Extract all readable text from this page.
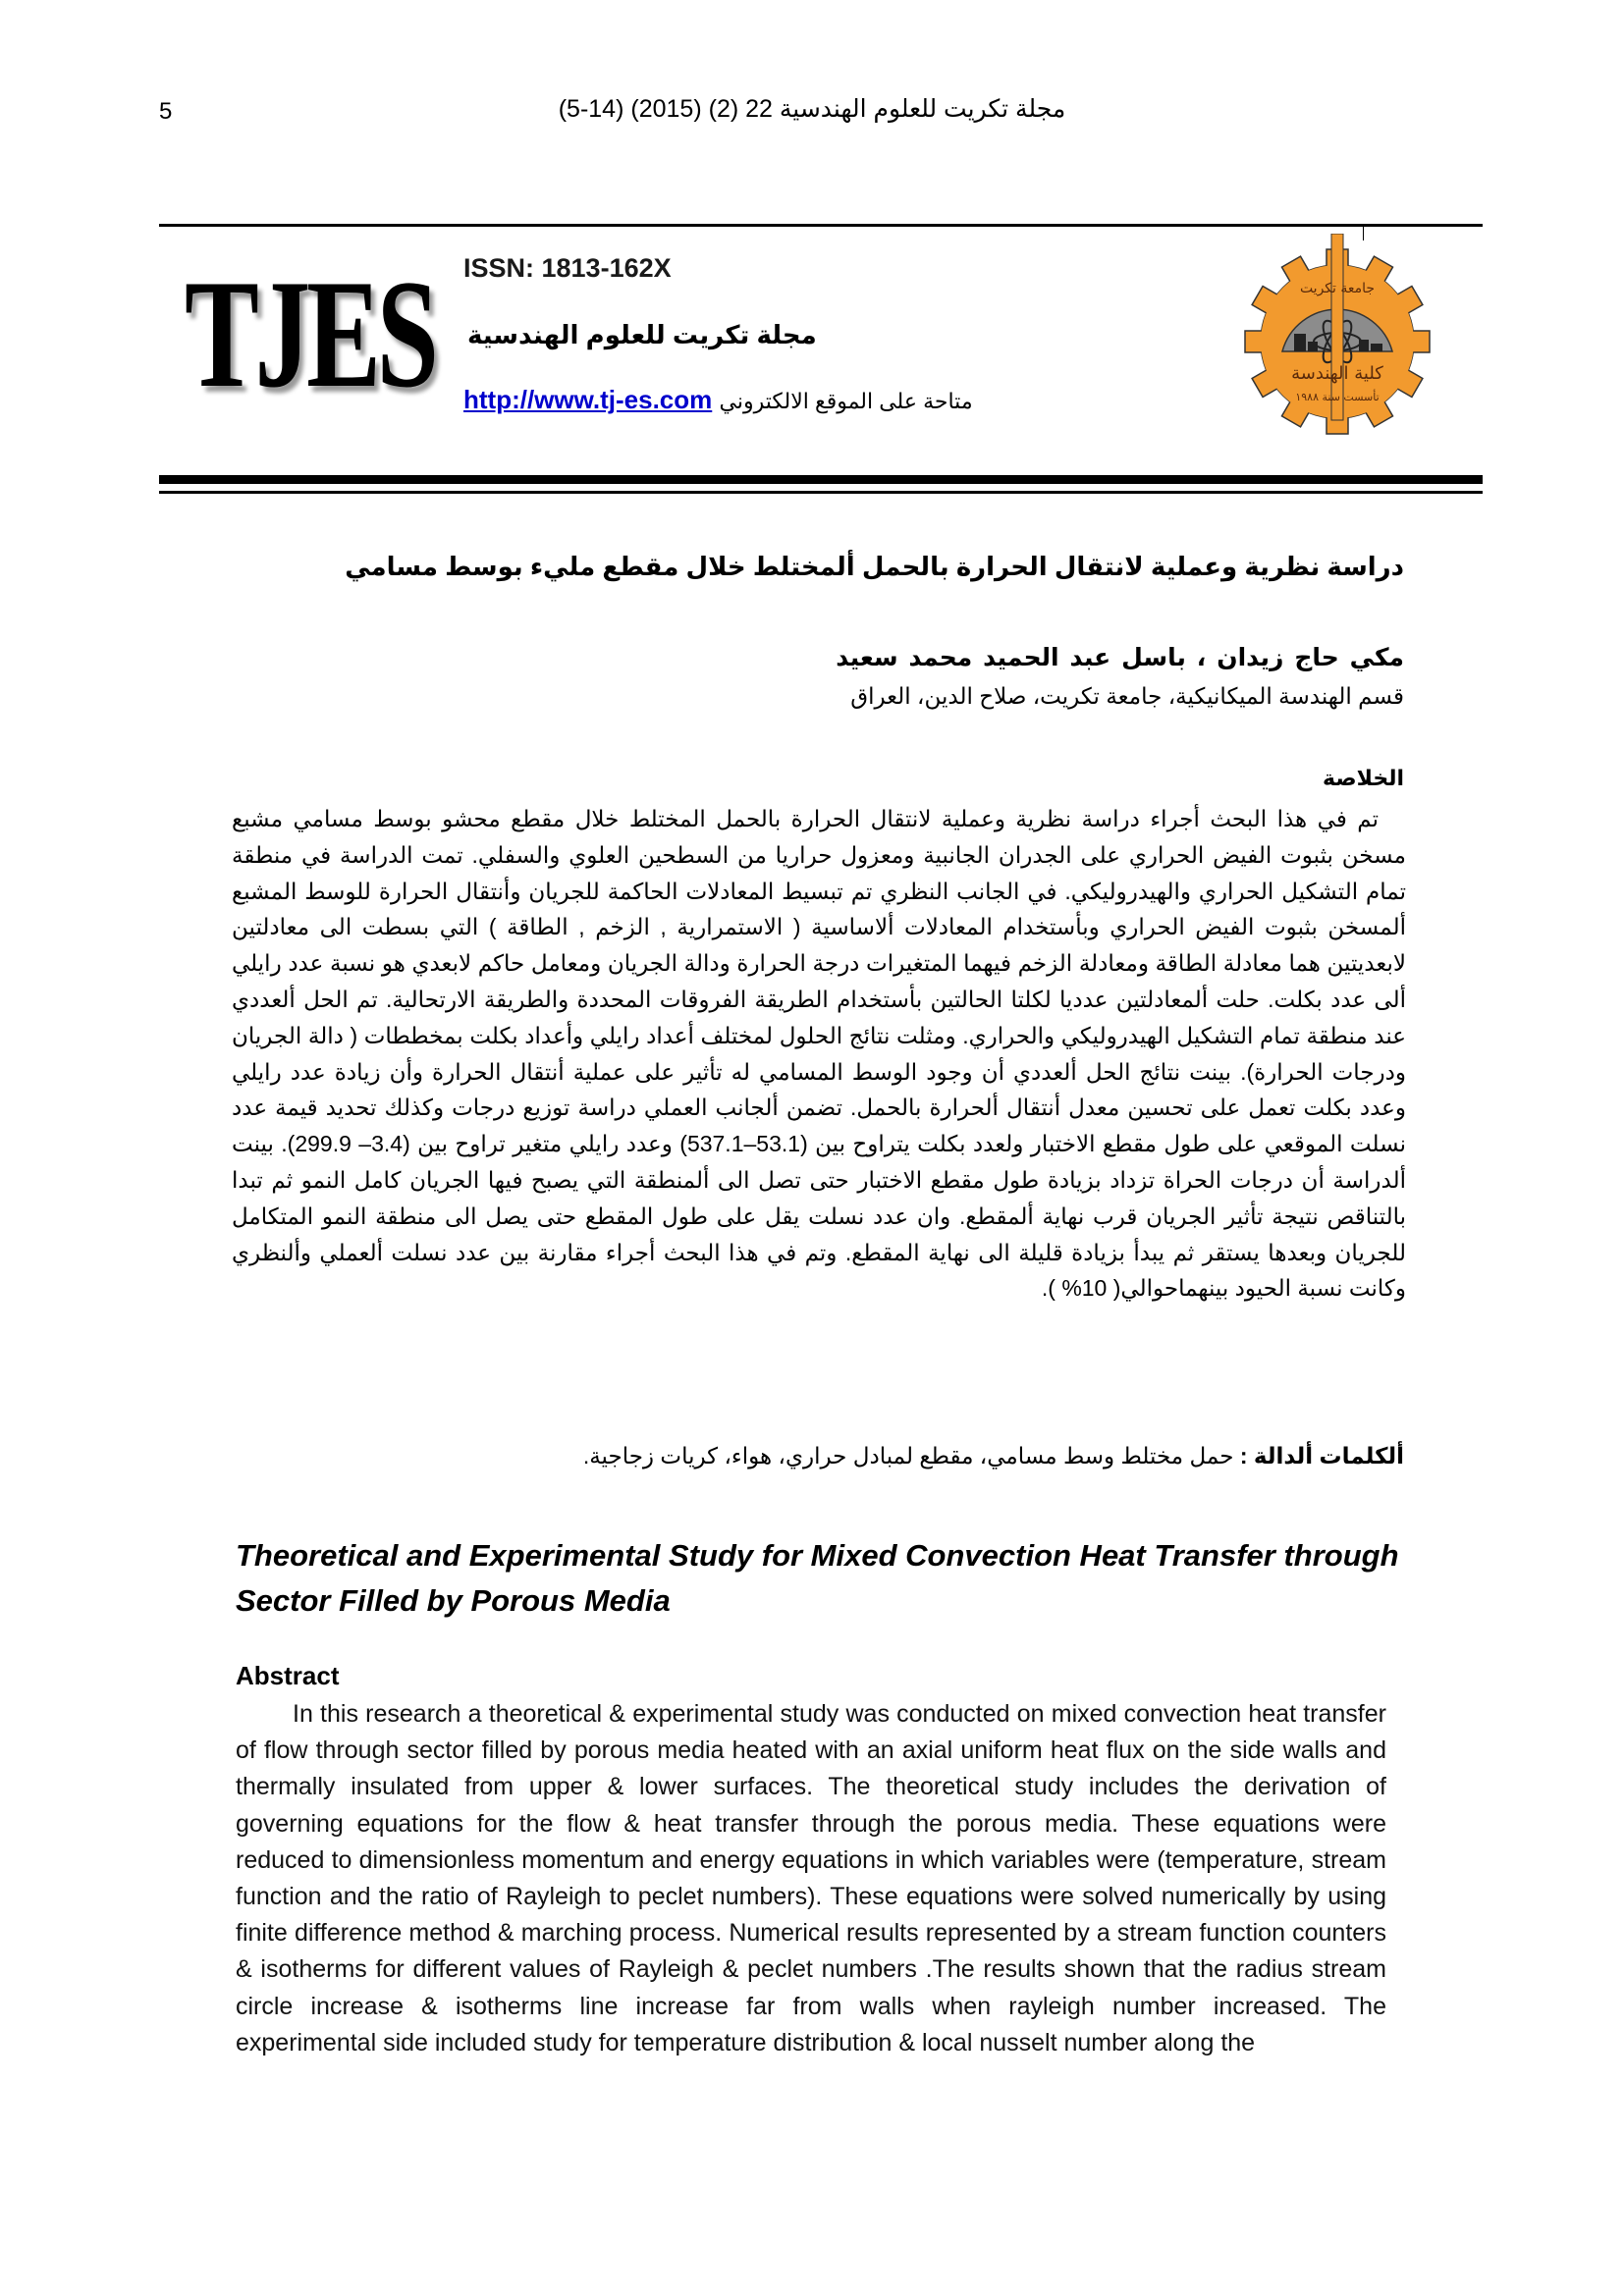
5	مجلة تكريت للعلوم الهندسية 22 (2) (2015) (14-5)
TJES ISSN: 1813-162X
مجلة تكريت للعلوم الهندسية
http://www.tj-es.com متاحة على الموقع الالكتروني
كلية الهندسة
تأسست سنة ١٩٨٨
جامعة تكريت
دراسة نظرية وعملية لانتقال الحرارة بالحمل ألمختلط خلال مقطع مليء بوسط مسامي
مكي حاج زيدان ، باسل عبد الحميد محمد سعيد
قسم الهندسة الميكانيكية، جامعة تكريت، صلاح الدين، العراق
الخلاصة
تم في هذا البحث أجراء دراسة نظرية وعملية لانتقال الحرارة بالحمل المختلط خلال مقطع محشو بوسط مسامي مشبع مسخن بثبوت الفيض الحراري على الجدران الجانبية ومعزول حراريا من السطحين العلوي والسفلي. تمت الدراسة في منطقة تمام التشكيل الحراري والهيدروليكي. في الجانب النظري تم تبسيط المعادلات الحاكمة للجريان وأنتقال الحرارة للوسط المشبع ألمسخن بثبوت الفيض الحراري وبأستخدام المعادلات ألاساسية ( الاستمرارية , الزخم , الطاقة ) التي بسطت الى معادلتين لابعديتين هما معادلة الطاقة ومعادلة الزخم فيهما المتغيرات درجة الحرارة ودالة الجريان ومعامل حاكم لابعدي هو نسبة عدد رايلي ألى عدد بكلت. حلت ألمعادلتين عدديا لكلتا الحالتين بأستخدام الطريقة الفروقات المحددة والطريقة الارتحالية. تم الحل ألعددي عند منطقة تمام التشكيل الهيدروليكي والحراري. ومثلت نتائج الحلول لمختلف أعداد رايلي وأعداد بكلت بمخططات ( دالة الجريان ودرجات الحرارة). بينت نتائج الحل ألعددي أن وجود الوسط المسامي له تأثير على عملية أنتقال الحرارة وأن زيادة عدد رايلي وعدد بكلت تعمل على تحسين معدل أنتقال ألحرارة بالحمل. تضمن ألجانب العملي دراسة توزيع درجات وكذلك تحديد قيمة عدد نسلت الموقعي على طول مقطع الاختبار ولعدد بكلت يتراوح بين (53.1–537.1) وعدد رايلي متغير تراوح بين (3.4– 299.9). بينت ألدراسة أن درجات الحراة تزداد بزيادة طول مقطع الاختبار حتى تصل الى ألمنطقة التي يصبح فيها الجريان كامل النمو ثم تبدا بالتناقص نتيجة تأثير الجريان قرب نهاية ألمقطع. وان عدد نسلت يقل على طول المقطع حتى يصل الى منطقة النمو المتكامل للجريان وبعدها يستقر ثم يبدأ بزيادة قليلة الى نهاية المقطع. وتم في هذا البحث أجراء مقارنة بين عدد نسلت ألعملي وألنظري وكانت نسبة الحيود بينهماحوالي( 10% ).
ألكلمات ألدالة : حمل مختلط وسط مسامي، مقطع لمبادل حراري، هواء، كريات زجاجية.
Theoretical and Experimental Study for Mixed Convection Heat Transfer through Sector Filled by Porous Media
Abstract
In this research a theoretical & experimental study was conducted on mixed convection heat transfer of flow through sector filled by porous media heated with an axial uniform heat flux on the side walls and thermally insulated from upper & lower surfaces. The theoretical study includes the derivation of governing equations for the flow & heat transfer through the porous media. These equations were reduced to dimensionless momentum and energy equations in which variables were (temperature, stream function and the ratio of Rayleigh to peclet numbers). These equations were solved numerically by using finite difference method & marching process. Numerical results represented by a stream function counters & isotherms for different values of Rayleigh & peclet numbers .The results shown that the radius stream circle increase & isotherms line increase far from walls when rayleigh number increased. The experimental side included study for temperature distribution & local nusselt number along the
